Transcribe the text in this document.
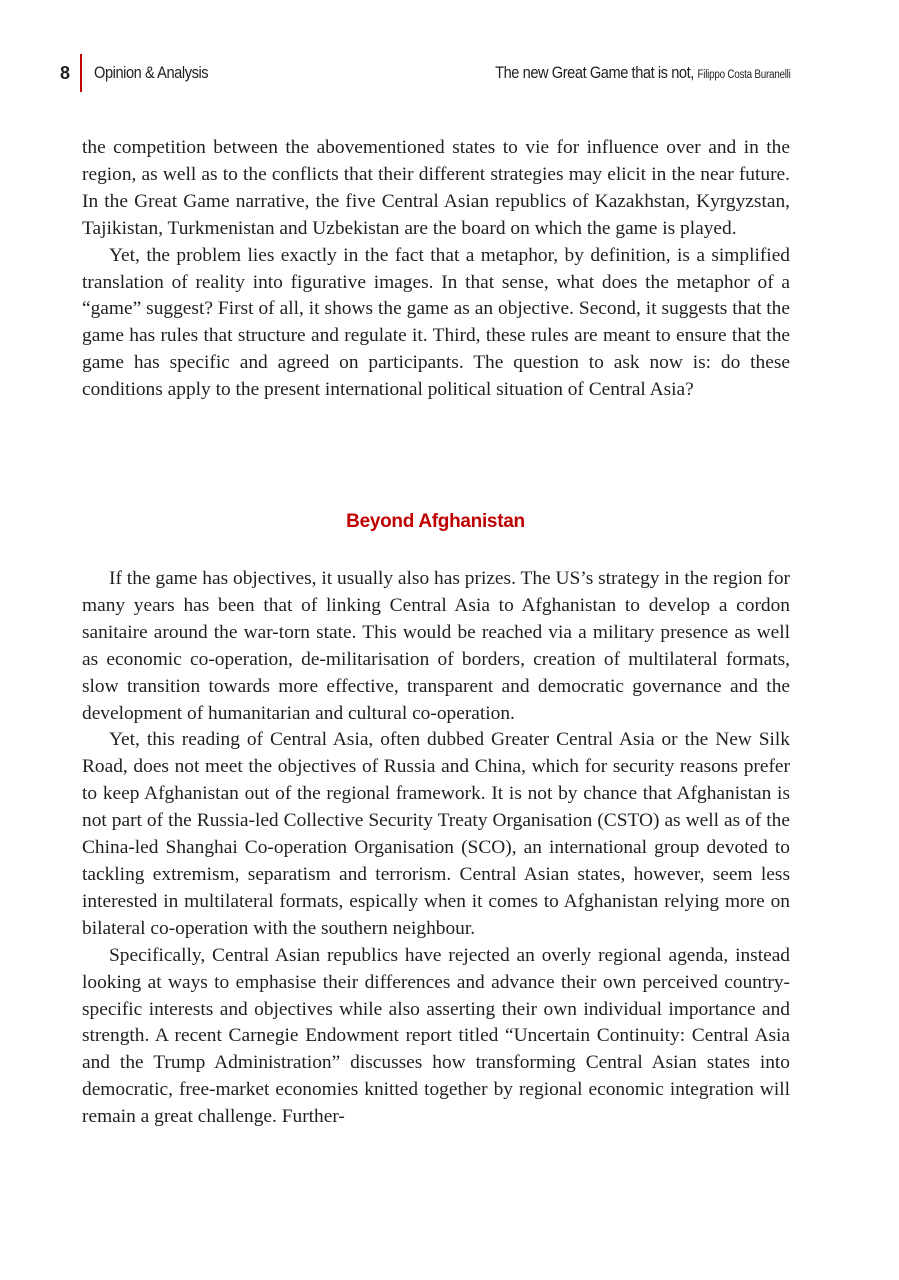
8 Opinion & Analysis	The new Great Game that is not, Filippo Costa Buranelli

the competition between the abovementioned states to vie for influence over and in the region, as well as to the conflicts that their different strategies may elicit in the near future. In the Great Game narrative, the five Central Asian republics of Kazakhstan, Kyrgyzstan, Tajikistan, Turkmenistan and Uzbekistan are the board on which the game is played.

Yet, the problem lies exactly in the fact that a metaphor, by definition, is a simplified translation of reality into figurative images. In that sense, what does the metaphor of a “game” suggest? First of all, it shows the game as an objective. Second, it suggests that the game has rules that structure and regulate it. Third, these rules are meant to ensure that the game has specific and agreed on participants. The question to ask now is: do these conditions apply to the present international political situation of Central Asia?

Beyond Afghanistan

If the game has objectives, it usually also has prizes. The US’s strategy in the region for many years has been that of linking Central Asia to Afghanistan to develop a cordon sanitaire around the war-torn state. This would be reached via a military presence as well as economic co-operation, de-militarisation of borders, creation of multilateral formats, slow transition towards more effective, transparent and democratic governance and the development of humanitarian and cultural co-operation.

Yet, this reading of Central Asia, often dubbed Greater Central Asia or the New Silk Road, does not meet the objectives of Russia and China, which for security reasons prefer to keep Afghanistan out of the regional framework. It is not by chance that Afghanistan is not part of the Russia-led Collective Security Treaty Organisation (CSTO) as well as of the China-led Shanghai Co-operation Organisation (SCO), an international group devoted to tackling extremism, separatism and terrorism. Central Asian states, however, seem less interested in multilateral formats, espically when it comes to Afghanistan relying more on bilateral co-operation with the southern neighbour.

Specifically, Central Asian republics have rejected an overly regional agenda, instead looking at ways to emphasise their differences and advance their own perceived country-specific interests and objectives while also asserting their own individual importance and strength. A recent Carnegie Endowment report titled “Uncertain Continuity: Central Asia and the Trump Administration” discusses how transforming Central Asian states into democratic, free-market economies knitted together by regional economic integration will remain a great challenge. Further-
